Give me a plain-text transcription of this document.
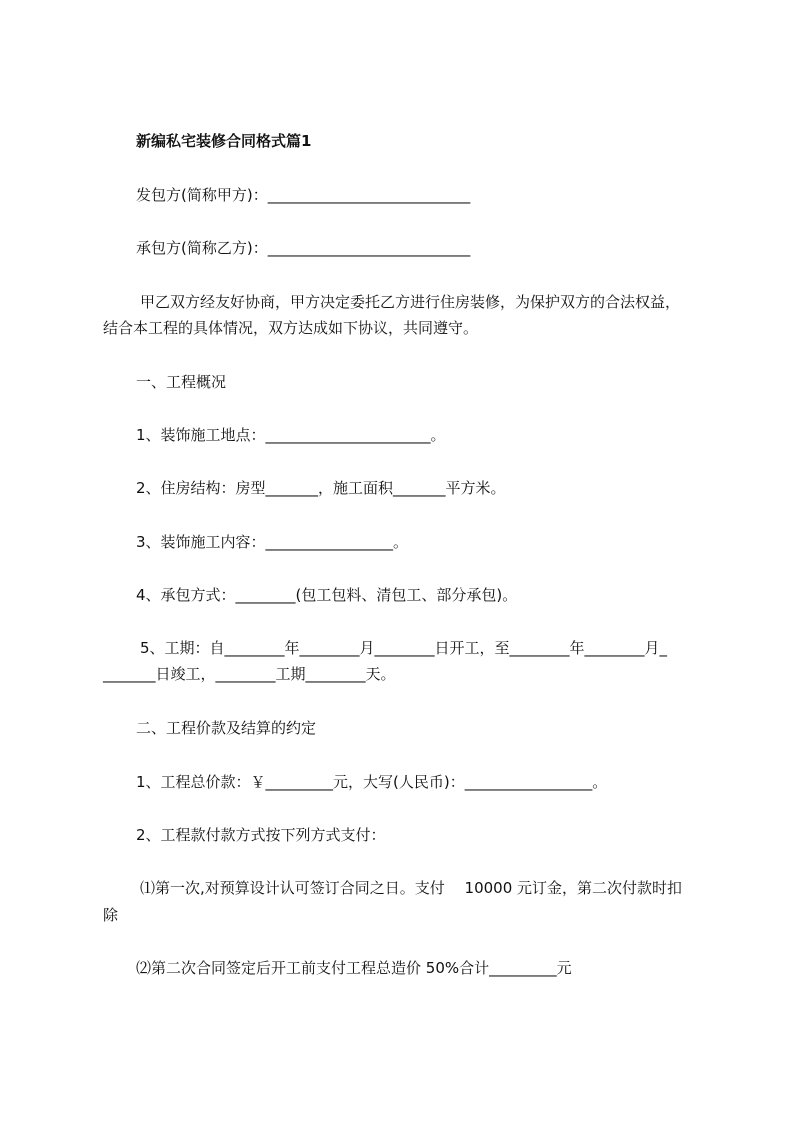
新编私宅装修合同格式篇1
发包方(简称甲方)：___________________________
承包方(简称乙方)：___________________________
甲乙双方经友好协商，甲方决定委托乙方进行住房装修，为保护双方的合法权益，
结合本工程的具体情况，双方达成如下协议，共同遵守。
一、工程概况
1、装饰施工地点：______________________。
2、住房结构：房型_______，施工面积_______平方米。
3、装饰施工内容：_________________。
4、承包方式：________(包工包料、清包工、部分承包)。
5、工期：自________年________月________日开工，至________年________月_
_______日竣工，________工期________天。
二、工程价款及结算的约定
1、工程总价款：￥_________元，大写(人民币)：_________________。
2、工程款付款方式按下列方式支付：
⑴第一次,对预算设计认可签订合同之日。支付　 10000 元订金，第二次付款时扣
除
⑵第二次合同签定后开工前支付工程总造价 50%合计_________元
